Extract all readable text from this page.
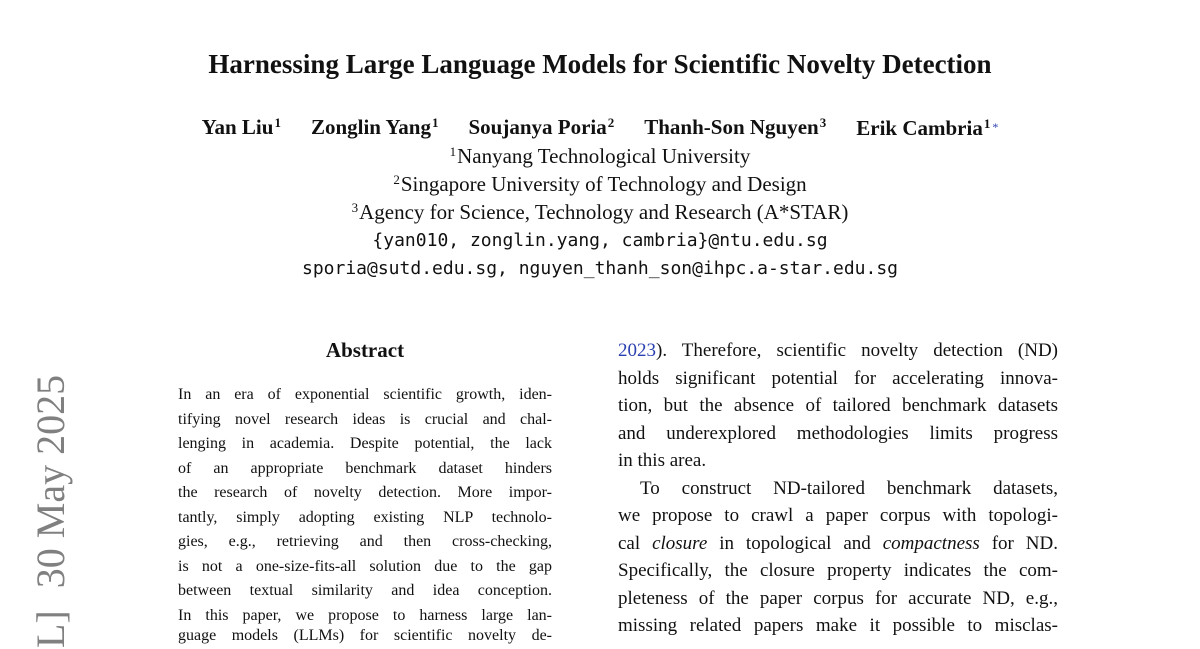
L]30 May 2025
Harnessing Large Language Models for Scientific Novelty Detection
Yan Liu$^1$ Zonglin Yang$^1$ Soujanya Poria$^2$ Thanh-Son Nguyen$^3$ Erik Cambria$^1$ *
$^1$Nanyang Technological University
$^2$Singapore University of Technology and Design
$^3$Agency for Science, Technology and Research (A*STAR)
{yan010, zonglin.yang, cambria}@ntu.edu.sg
sporia@sutd.edu.sg, nguyen_thanh_son@ihpc.a-star.edu.sg
Abstract
In an era of exponential scientific growth, iden-
tifying novel research ideas is crucial and chal-
lenging in academia. Despite potential, the lack
of an appropriate benchmark dataset hinders
the research of novelty detection. More impor-
tantly, simply adopting existing NLP technolo-
gies, e.g., retrieving and then cross-checking,
is not a one-size-fits-all solution due to the gap
between textual similarity and idea conception.
In this paper, we propose to harness large lan-
guage models (LLMs) for scientific novelty de-
2023). Therefore, scientific novelty detection (ND)
holds significant potential for accelerating innova-
tion, but the absence of tailored benchmark datasets
and underexplored methodologies limits progress
in this area.
To construct ND-tailored benchmark datasets,
we propose to crawl a paper corpus with topologi-
cal closure in topological and compactness for ND.
Specifically, the closure property indicates the com-
pleteness of the paper corpus for accurate ND, e.g.,
missing related papers make it possible to misclas-
